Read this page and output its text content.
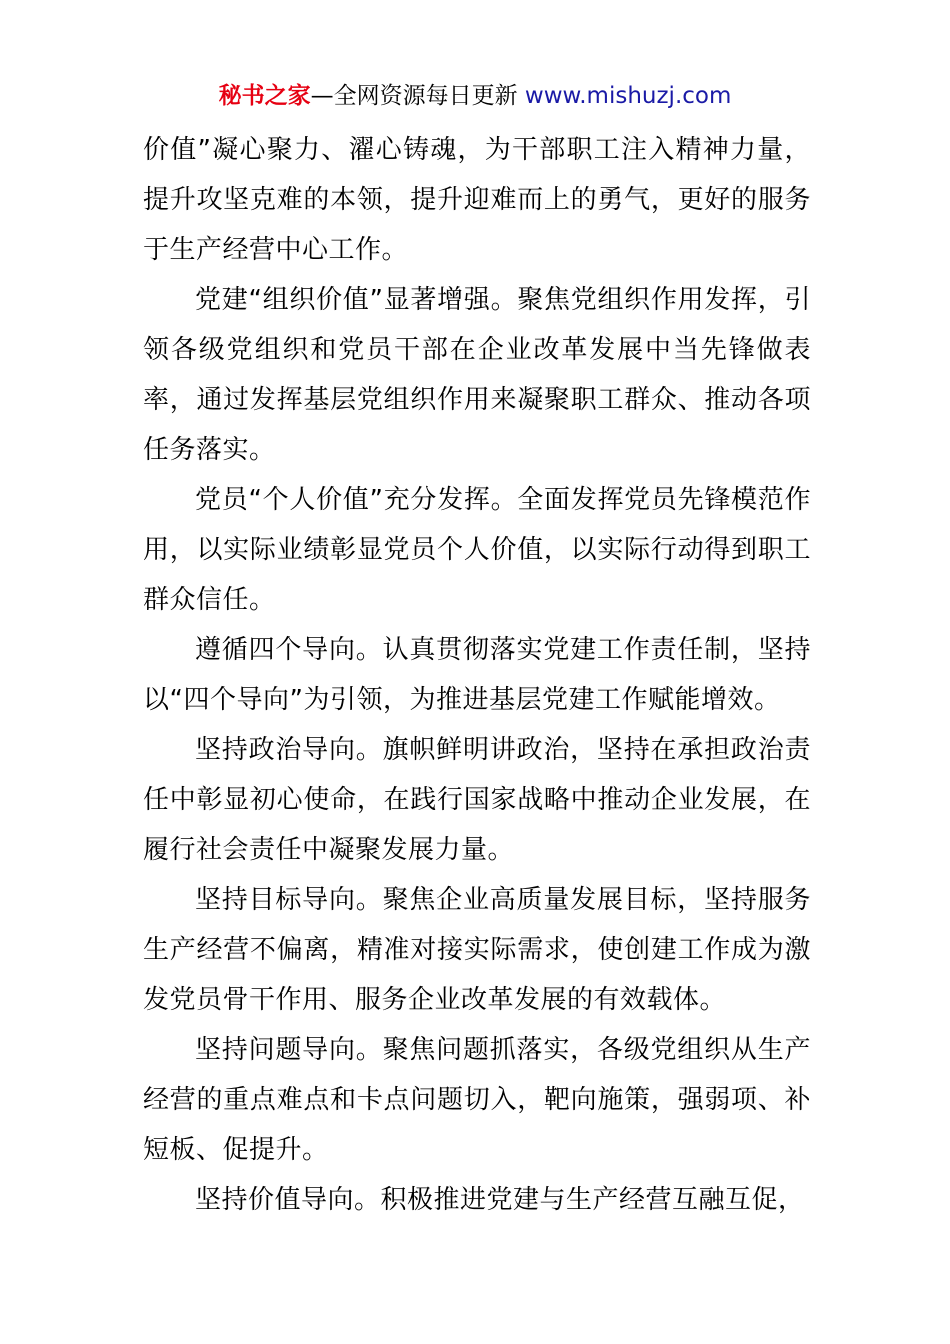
秘书之家—全网资源每日更新 www.mishuzj.com

价值”凝心聚力、濯心铸魂，为干部职工注入精神力量，提升攻坚克难的本领，提升迎难而上的勇气，更好的服务于生产经营中心工作。

党建“组织价值”显著增强。聚焦党组织作用发挥，引领各级党组织和党员干部在企业改革发展中当先锋做表率，通过发挥基层党组织作用来凝聚职工群众、推动各项任务落实。

党员“个人价值”充分发挥。全面发挥党员先锋模范作用，以实际业绩彰显党员个人价值，以实际行动得到职工群众信任。

遵循四个导向。认真贯彻落实党建工作责任制，坚持以“四个导向”为引领，为推进基层党建工作赋能增效。

坚持政治导向。旗帜鲜明讲政治，坚持在承担政治责任中彰显初心使命，在践行国家战略中推动企业发展，在履行社会责任中凝聚发展力量。

坚持目标导向。聚焦企业高质量发展目标，坚持服务生产经营不偏离，精准对接实际需求，使创建工作成为激发党员骨干作用、服务企业改革发展的有效载体。

坚持问题导向。聚焦问题抓落实，各级党组织从生产经营的重点难点和卡点问题切入，靶向施策，强弱项、补短板、促提升。

坚持价值导向。积极推进党建与生产经营互融互促，
